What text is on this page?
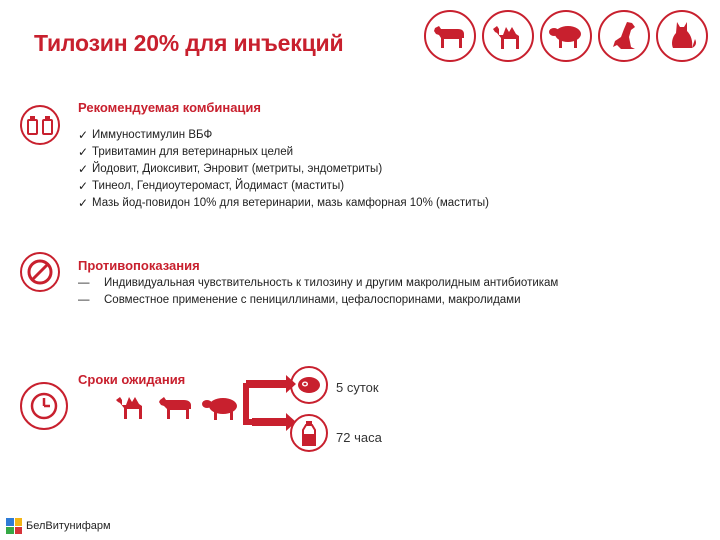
Тилозин 20% для инъекций
Рекомендуемая комбинация
✓ Иммуностимулин ВБФ
✓ Тривитамин для ветеринарных целей
✓ Йодовит, Диоксивит, Энровит (метриты, эндометриты)
✓ Тинеол, Гендиоутеромаст, Йодимаст (маститы)
✓ Мазь йод-повидон 10% для ветеринарии, мазь камфорная 10% (маститы)
Противопоказания
—	Индивидуальная чувствительность к тилозину и другим макролидным антибиотикам
—	Совместное применение с пенициллинами, цефалоспоринами, макролидами
Сроки ожидания
5 суток
72 часа
БелВитунифарм
